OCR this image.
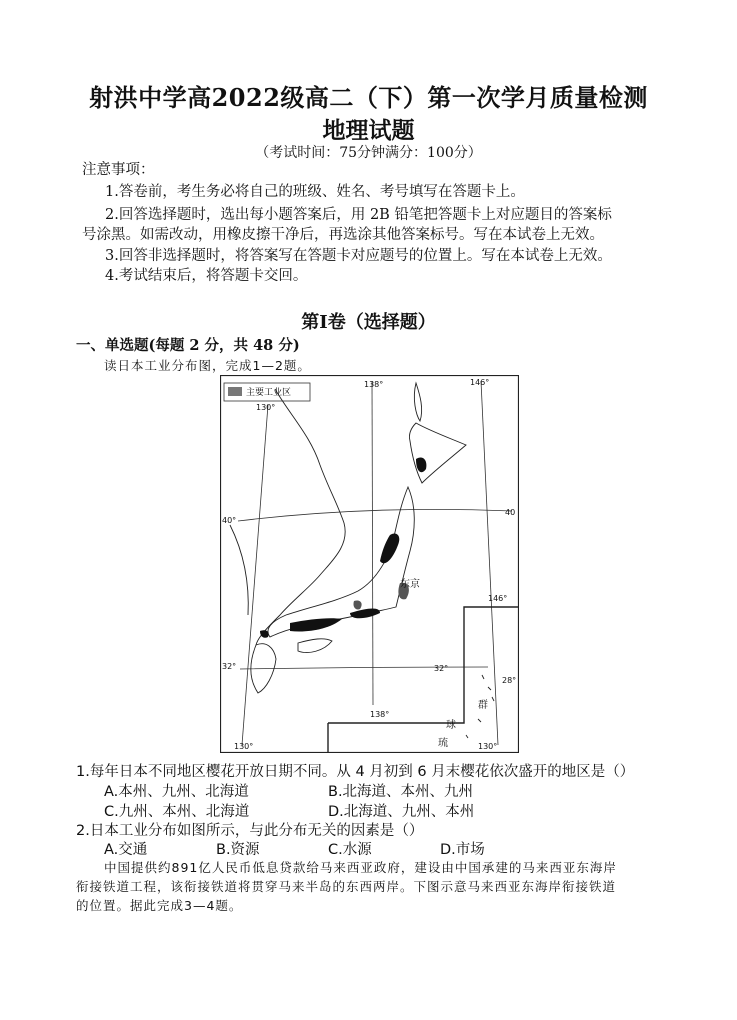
射洪中学高2022级高二（下）第一次学月质量检测
地理试题
（考试时间：75分钟满分：100分）
注意事项：
1.答卷前，考生务必将自己的班级、姓名、考号填写在答题卡上。
2.回答选择题时，选出每小题答案后，用 2B 铅笔把答题卡上对应题目的答案标
号涂黑。如需改动，用橡皮擦干净后，再选涂其他答案标号。写在本试卷上无效。
3.回答非选择题时，将答案写在答题卡对应题号的位置上。写在本试卷上无效。
4.考试结束后，将答题卡交回。
第Ⅰ卷（选择题）
一、单选题(每题 2 分，共 48 分)
读日本工业分布图，完成1—2题。
主要工业区
130°
138°	146°
40°
40
146°
32°	32°
28°
138°
130°	130°
东京
群
球
琉
1.每年日本不同地区樱花开放日期不同。从 4 月初到 6 月末樱花依次盛开的地区是（）
A.本州、九州、北海道	B.北海道、本州、九州
C.九州、本州、北海道	D.北海道、九州、本州
2.日本工业分布如图所示，与此分布无关的因素是（）
A.交通	B.资源	C.水源	D.市场
中国提供约891亿人民币低息贷款给马来西亚政府，建设由中国承建的马来西亚东海岸
衔接铁道工程，该衔接铁道将贯穿马来半岛的东西两岸。下图示意马来西亚东海岸衔接铁道
的位置。据此完成3—4题。
